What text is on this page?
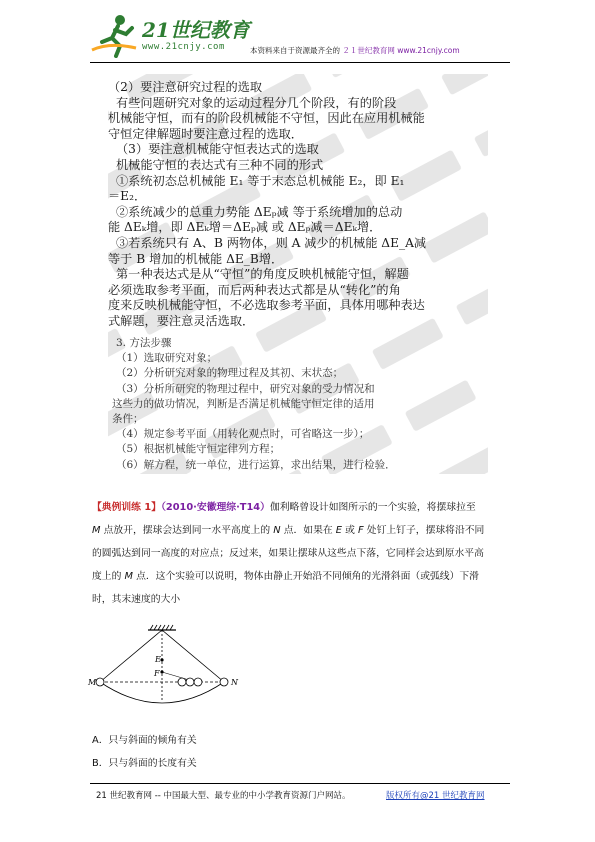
21世纪教育
www.21cnjy.com	本资料来自于资源最齐全的 ２１世纪教育网 www.21cnjy.com
（2）要注意研究过程的选取
有些问题研究对象的运动过程分几个阶段，有的阶段
机械能守恒，而有的阶段机械能不守恒，因此在应用机械能
守恒定律解题时要注意过程的选取．
（3）要注意机械能守恒表达式的选取
机械能守恒的表达式有三种不同的形式
①系统初态总机械能 E₁ 等于末态总机械能 E₂，即 E₁
＝E₂．
②系统减少的总重力势能 ΔEₚ减 等于系统增加的总动
能 ΔEₖ增，即 ΔEₖ增＝ΔEₚ减 或 ΔEₚ减＝ΔEₖ增．
③若系统只有 A、B 两物体，则 A 减少的机械能 ΔE_A减
等于 B 增加的机械能 ΔE_B增．
第一种表达式是从“守恒”的角度反映机械能守恒，解题
必须选取参考平面，而后两种表达式都是从“转化”的角
度来反映机械能守恒，不必选取参考平面，具体用哪种表达
式解题，要注意灵活选取．
3. 方法步骤
（1）选取研究对象；
（2）分析研究对象的物理过程及其初、末状态；
（3）分析所研究的物理过程中，研究对象的受力情况和
这些力的做功情况，判断是否满足机械能守恒定律的适用
条件；
（4）规定参考平面（用转化观点时，可省略这一步）；
（5）根据机械能守恒定律列方程；
（6）解方程，统一单位，进行运算，求出结果，进行检验．
【典例训练 1】（2010·安徽理综·T14）伽利略曾设计如图所示的一个实验，将摆球拉至
M 点放开，摆球会达到同一水平高度上的 N 点．如果在 E 或 F 处钉上钉子，摆球将沿不同
的圆弧达到同一高度的对应点；反过来，如果让摆球从这些点下落，它同样会达到原水平高
度上的 M 点．这个实验可以说明，物体由静止开始沿不同倾角的光滑斜面（或弧线）下滑
时，其末速度的大小
E
F
M	N
A．只与斜面的倾角有关
B．只与斜面的长度有关
21 世纪教育网 -- 中国最大型、最专业的中小学教育资源门户网站。	版权所有@21 世纪教育网
